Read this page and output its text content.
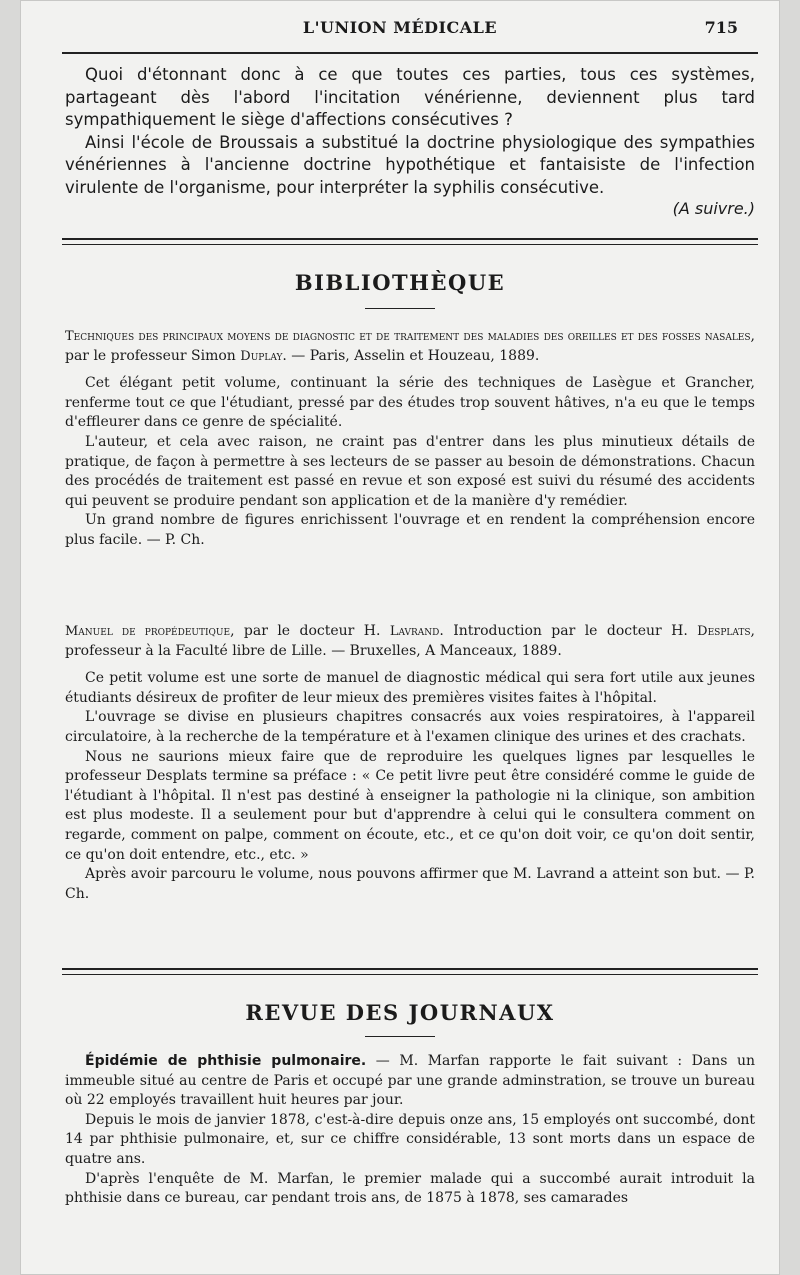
L'UNION MÉDICALE	715

Quoi d'étonnant donc à ce que toutes ces parties, tous ces systèmes, partageant dès l'abord l'incitation vénérienne, deviennent plus tard sympathiquement le siège d'affections consécutives ?

Ainsi l'école de Broussais a substitué la doctrine physiologique des sympathies vénériennes à l'ancienne doctrine hypothétique et fantaisiste de l'infection virulente de l'organisme, pour interpréter la syphilis consécutive.

(A suivre.)

BIBLIOTHÈQUE

Techniques des principaux moyens de diagnostic et de traitement des maladies des oreilles et des fosses nasales, par le professeur Simon Duplay. — Paris, Asselin et Houzeau, 1889.

Cet élégant petit volume, continuant la série des techniques de Lasègue et Grancher, renferme tout ce que l'étudiant, pressé par des études trop souvent hâtives, n'a eu que le temps d'effleurer dans ce genre de spécialité.

L'auteur, et cela avec raison, ne craint pas d'entrer dans les plus minutieux détails de pratique, de façon à permettre à ses lecteurs de se passer au besoin de démonstrations. Chacun des procédés de traitement est passé en revue et son exposé est suivi du résumé des accidents qui peuvent se produire pendant son application et de la manière d'y remédier.

Un grand nombre de figures enrichissent l'ouvrage et en rendent la compréhension encore plus facile. — P. Ch.

Manuel de propédeutique, par le docteur H. Lavrand. Introduction par le docteur H. Desplats, professeur à la Faculté libre de Lille. — Bruxelles, A Manceaux, 1889.

Ce petit volume est une sorte de manuel de diagnostic médical qui sera fort utile aux jeunes étudiants désireux de profiter de leur mieux des premières visites faites à l'hôpital.

L'ouvrage se divise en plusieurs chapitres consacrés aux voies respiratoires, à l'appareil circulatoire, à la recherche de la température et à l'examen clinique des urines et des crachats.

Nous ne saurions mieux faire que de reproduire les quelques lignes par lesquelles le professeur Desplats termine sa préface : « Ce petit livre peut être considéré comme le guide de l'étudiant à l'hôpital. Il n'est pas destiné à enseigner la pathologie ni la clinique, son ambition est plus modeste. Il a seulement pour but d'apprendre à celui qui le consultera comment on regarde, comment on palpe, comment on écoute, etc., et ce qu'on doit voir, ce qu'on doit sentir, ce qu'on doit entendre, etc., etc. »

Après avoir parcouru le volume, nous pouvons affirmer que M. Lavrand a atteint son but. — P. Ch.

REVUE DES JOURNAUX

Épidémie de phthisie pulmonaire. — M. Marfan rapporte le fait suivant : Dans un immeuble situé au centre de Paris et occupé par une grande adminstration, se trouve un bureau où 22 employés travaillent huit heures par jour.

Depuis le mois de janvier 1878, c'est-à-dire depuis onze ans, 15 employés ont succombé, dont 14 par phthisie pulmonaire, et, sur ce chiffre considérable, 13 sont morts dans un espace de quatre ans.

D'après l'enquête de M. Marfan, le premier malade qui a succombé aurait introduit la phthisie dans ce bureau, car pendant trois ans, de 1875 à 1878, ses camarades
